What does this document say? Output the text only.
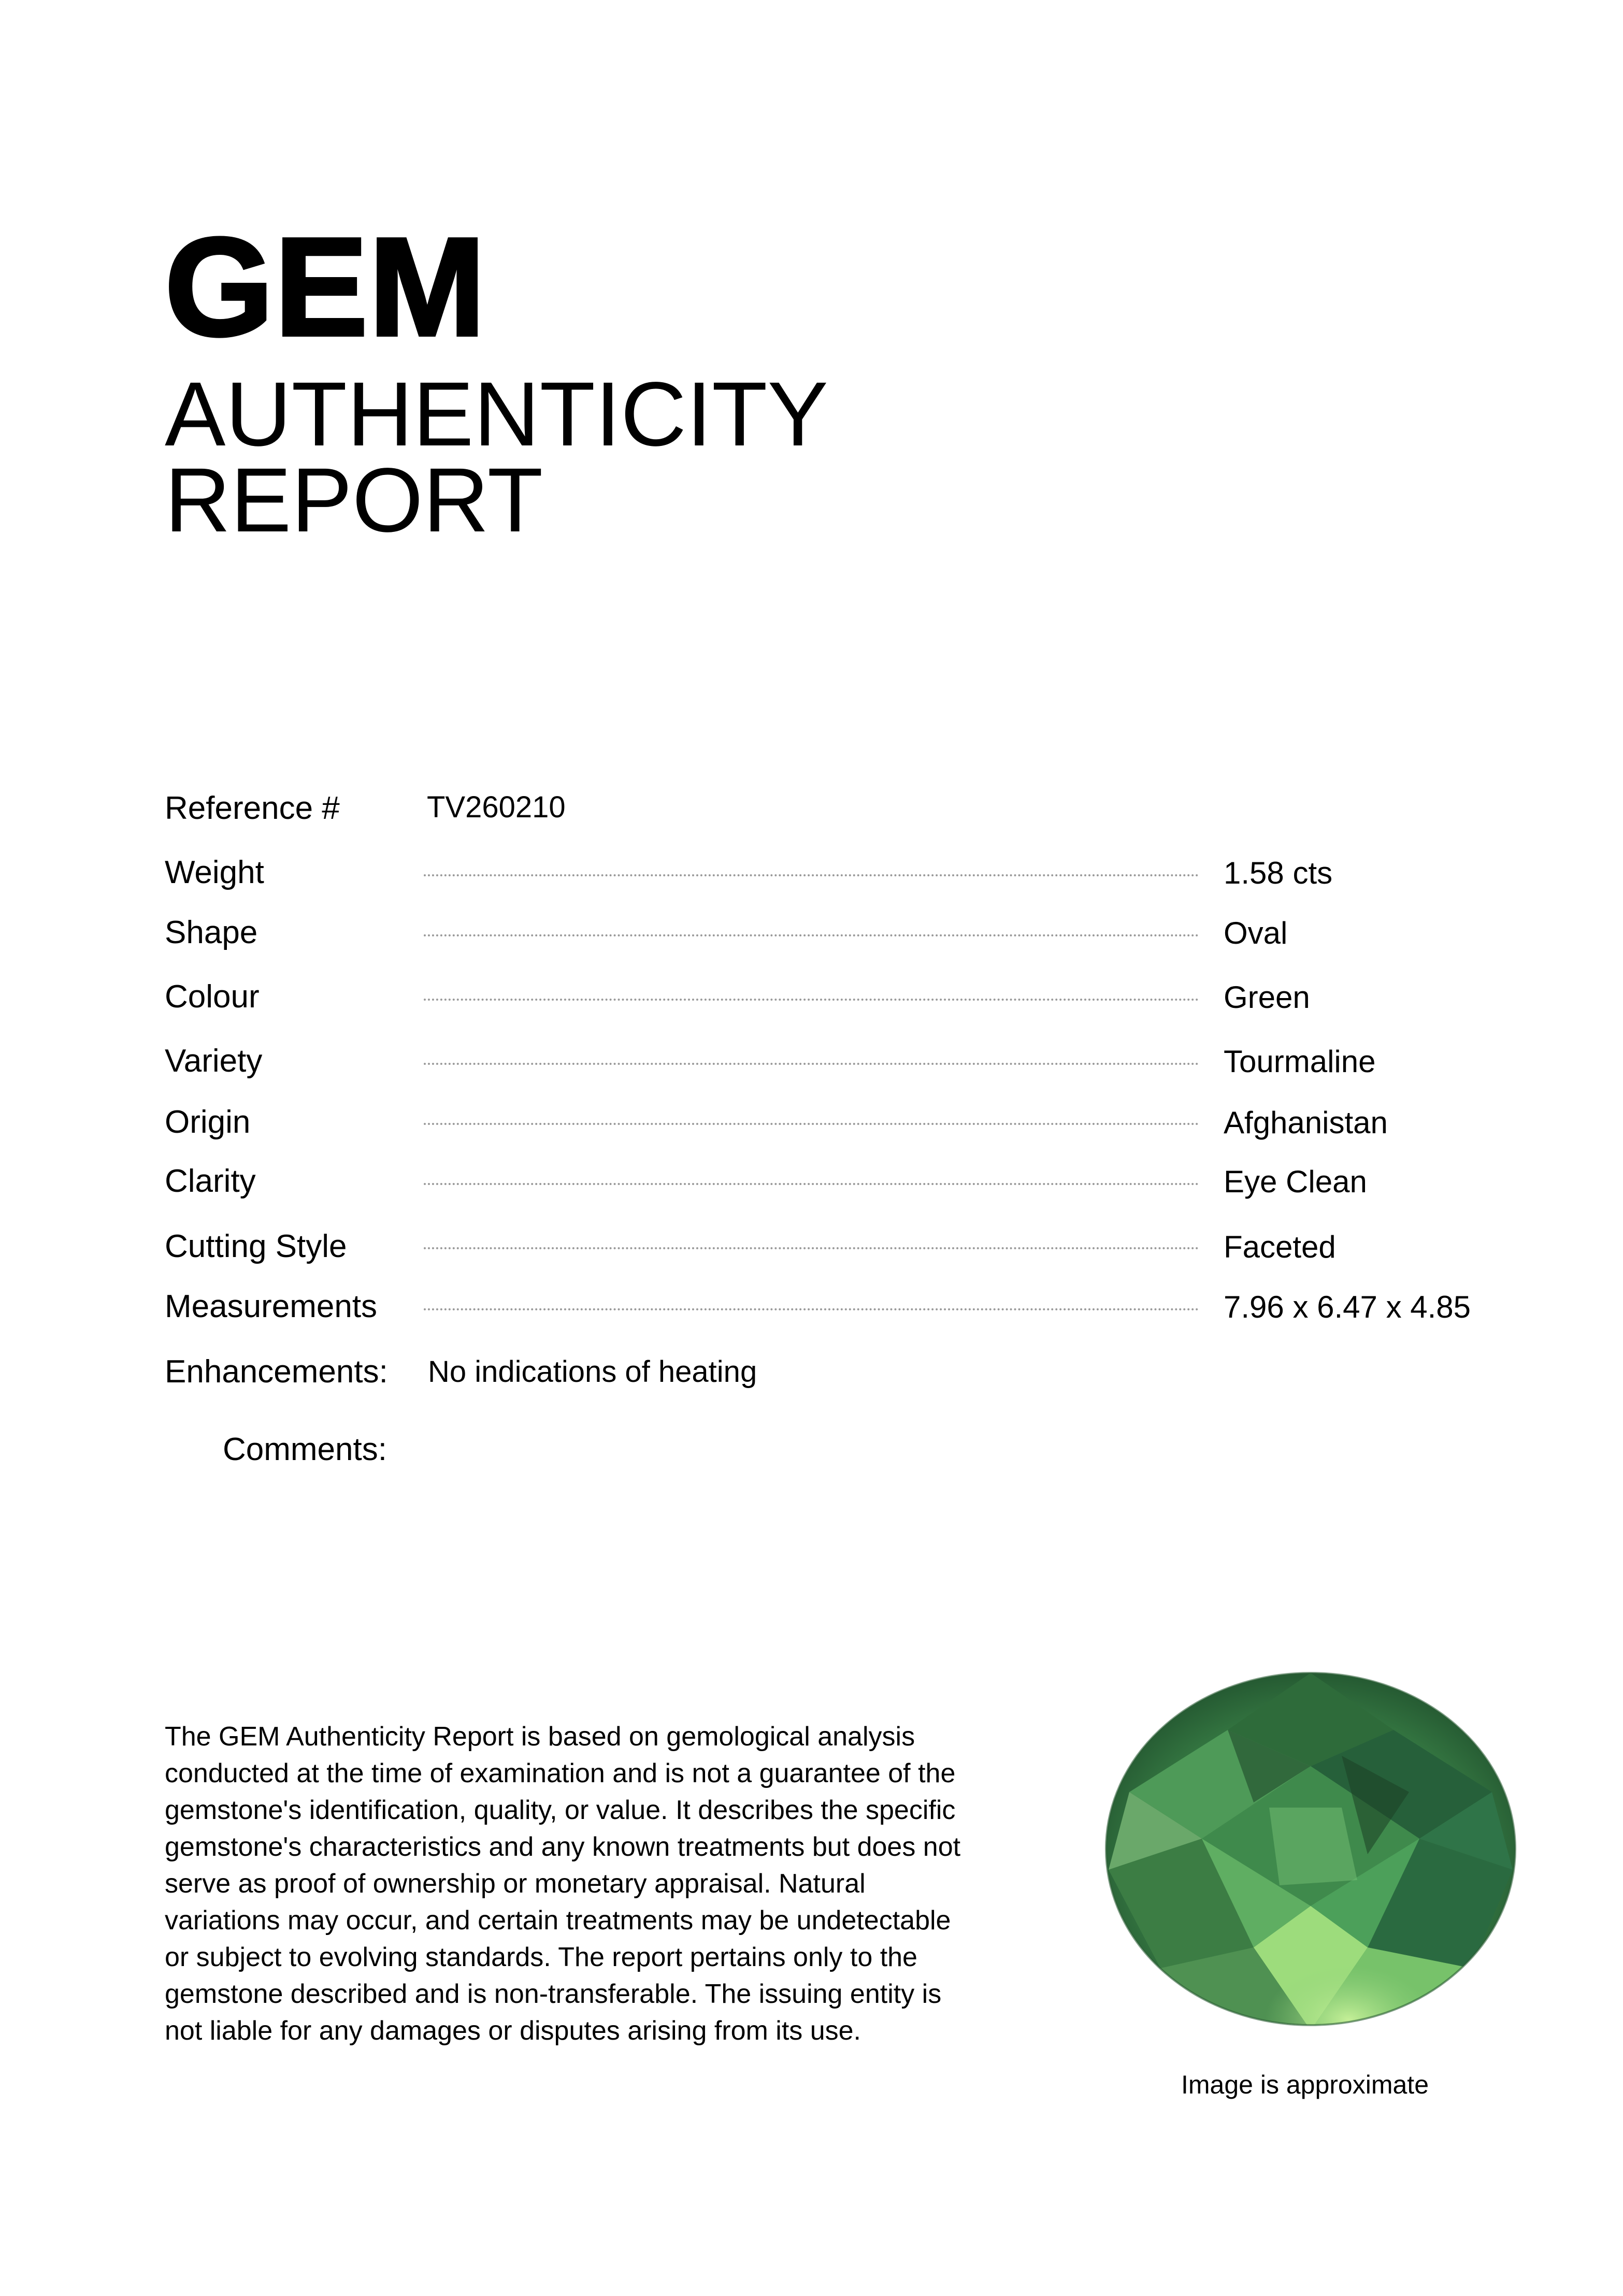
GEM
AUTHENTICITY
REPORT
Reference #	TV260210
Weight	1.58 cts
Shape	Oval
Colour	Green
Variety	Tourmaline
Origin	Afghanistan
Clarity	Eye Clean
Cutting Style	Faceted
Measurements	7.96 x 6.47 x 4.85
Enhancements: No indications of heating
Comments:
The GEM Authenticity Report is based on gemological analysis
conducted at the time of examination and is not a guarantee of the
gemstone's identification, quality, or value. It describes the specific
gemstone's characteristics and any known treatments but does not
serve as proof of ownership or monetary appraisal. Natural
variations may occur, and certain treatments may be undetectable
or subject to evolving standards. The report pertains only to the
gemstone described and is non-transferable. The issuing entity is
not liable for any damages or disputes arising from its use.
Image is approximate
